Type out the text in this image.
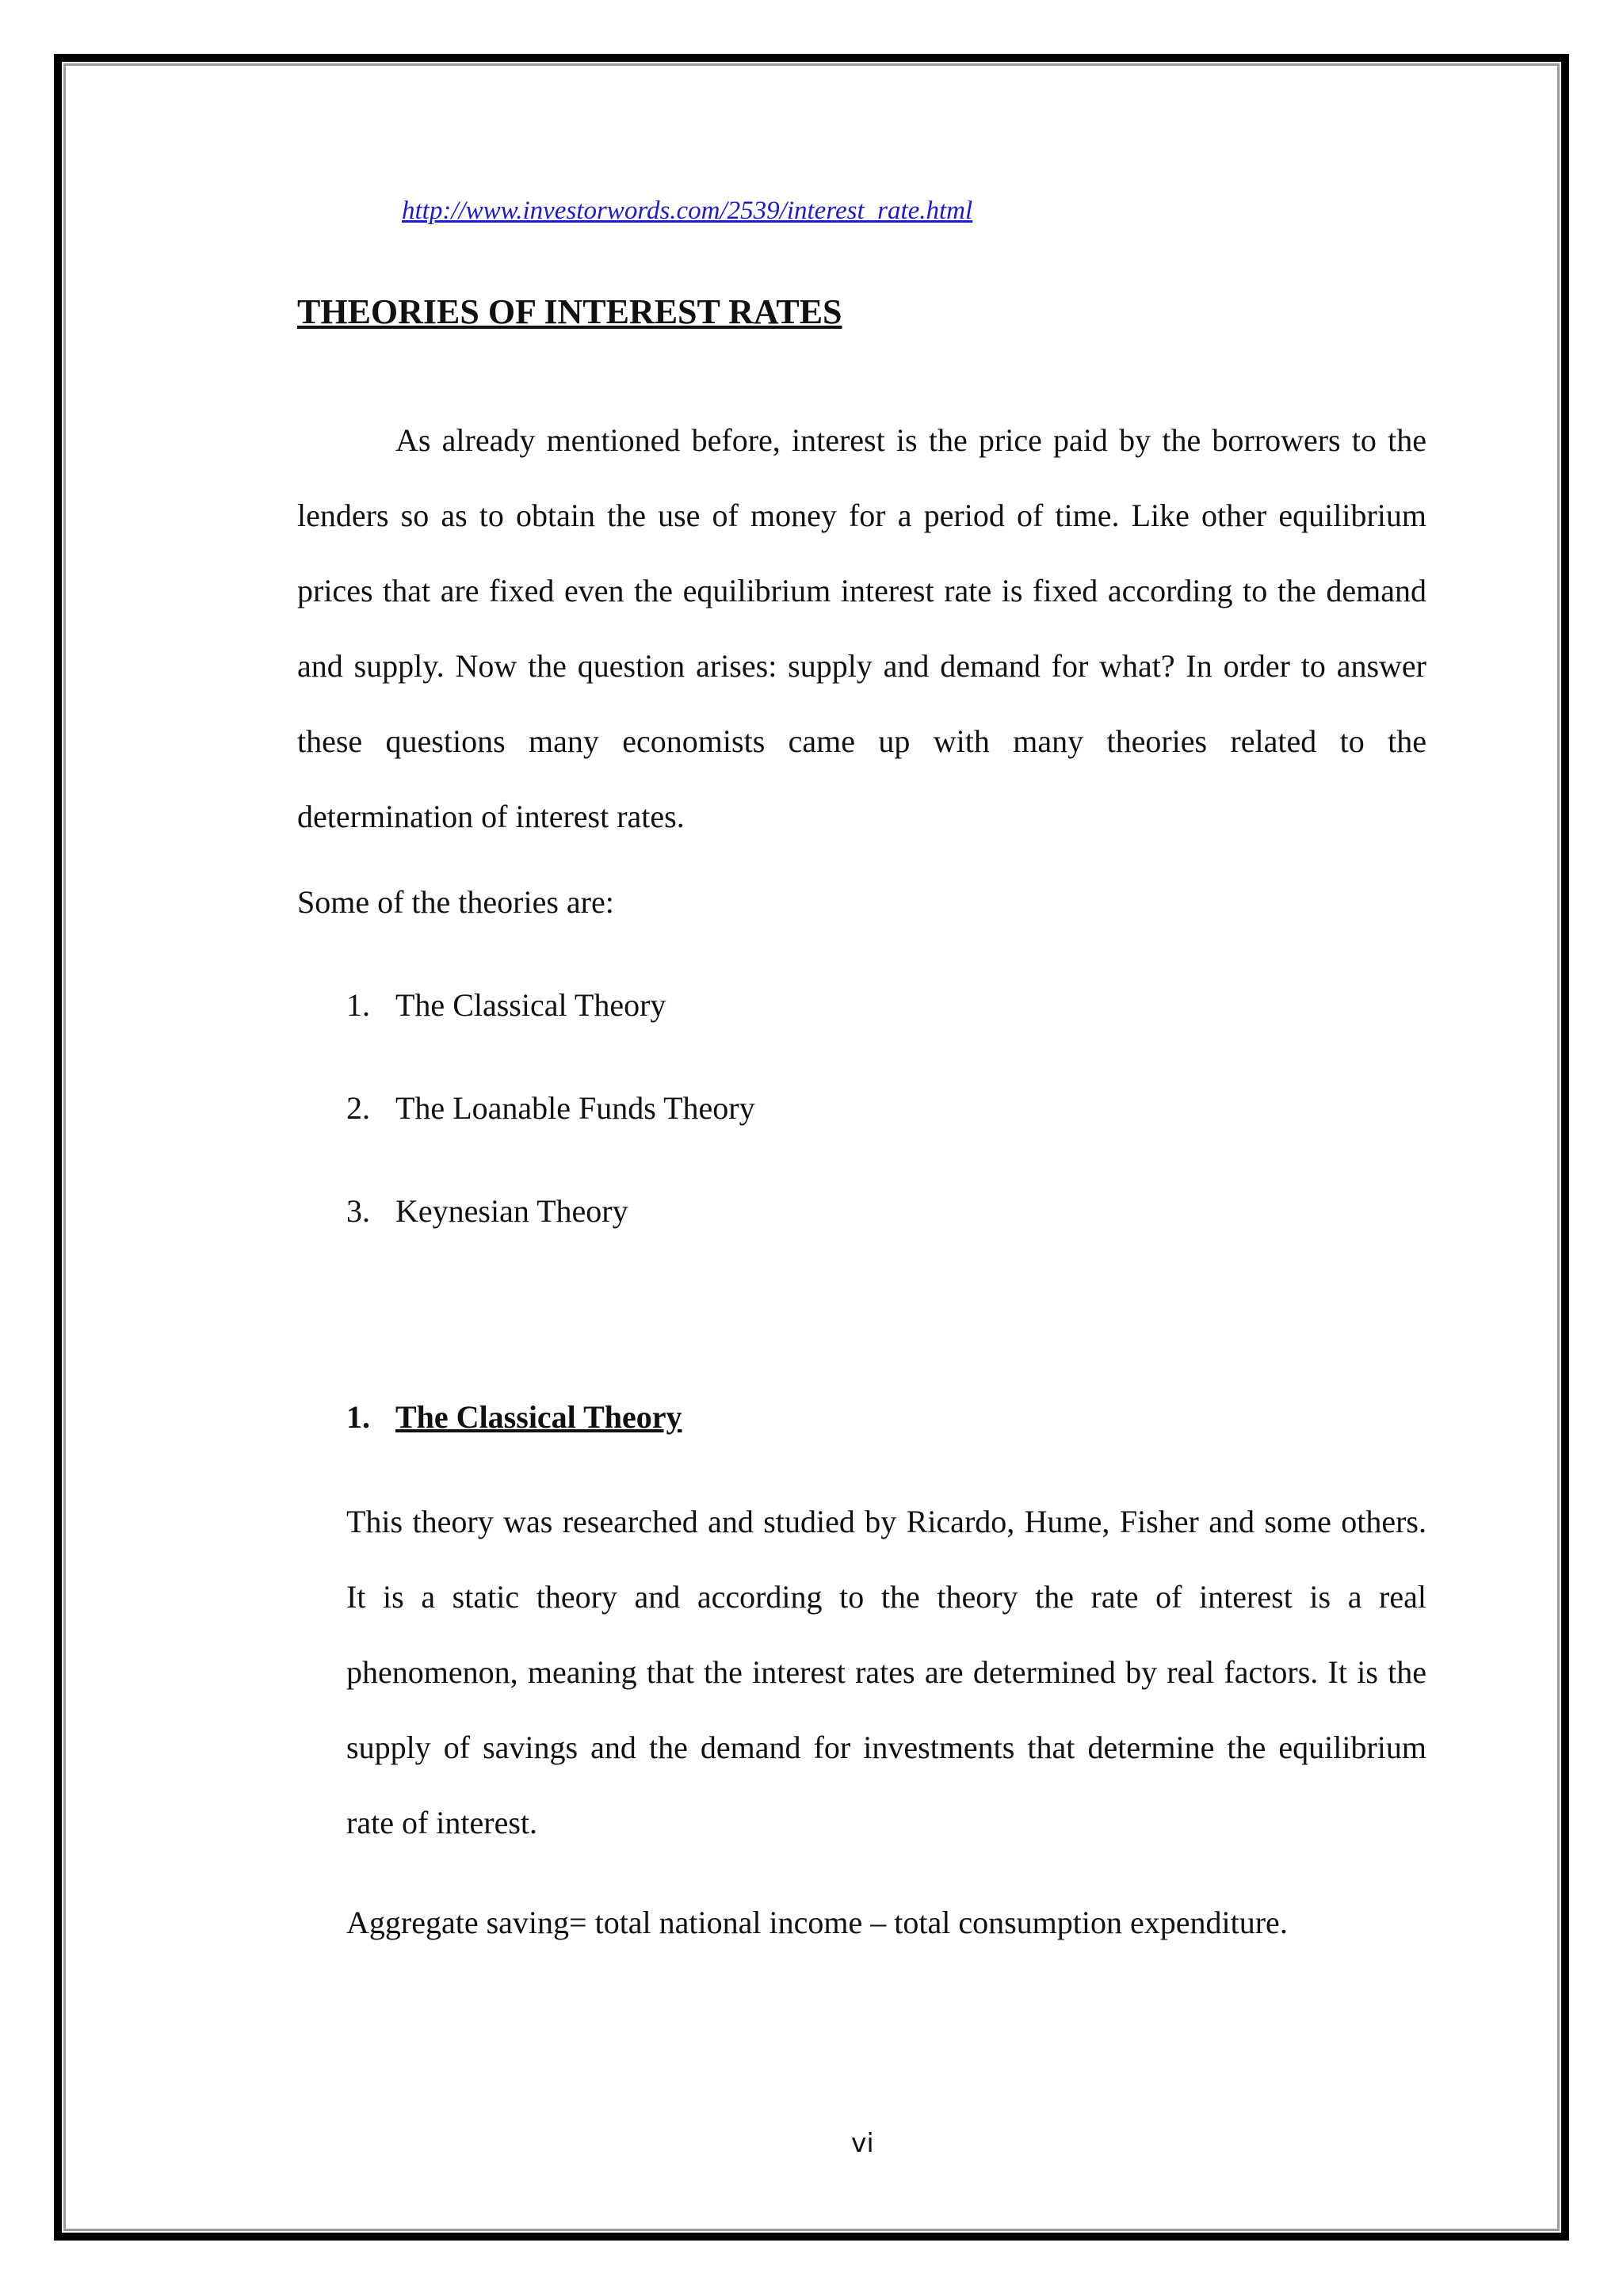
http://www.investorwords.com/2539/interest_rate.html
THEORIES OF INTEREST RATES

As already mentioned before, interest is the price paid by the borrowers to the lenders so as to obtain the use of money for a period of time. Like other equilibrium prices that are fixed even the equilibrium interest rate is fixed according to the demand and supply. Now the question arises: supply and demand for what? In order to answer these questions many economists came up with many theories related to the determination of interest rates.

Some of the theories are:

1. The Classical Theory
2. The Loanable Funds Theory
3. Keynesian Theory
1. The Classical Theory

This theory was researched and studied by Ricardo, Hume, Fisher and some others. It is a static theory and according to the theory the rate of interest is a real phenomenon, meaning that the interest rates are determined by real factors. It is the supply of savings and the demand for investments that determine the equilibrium rate of interest.

Aggregate saving= total national income – total consumption expenditure.

vi
